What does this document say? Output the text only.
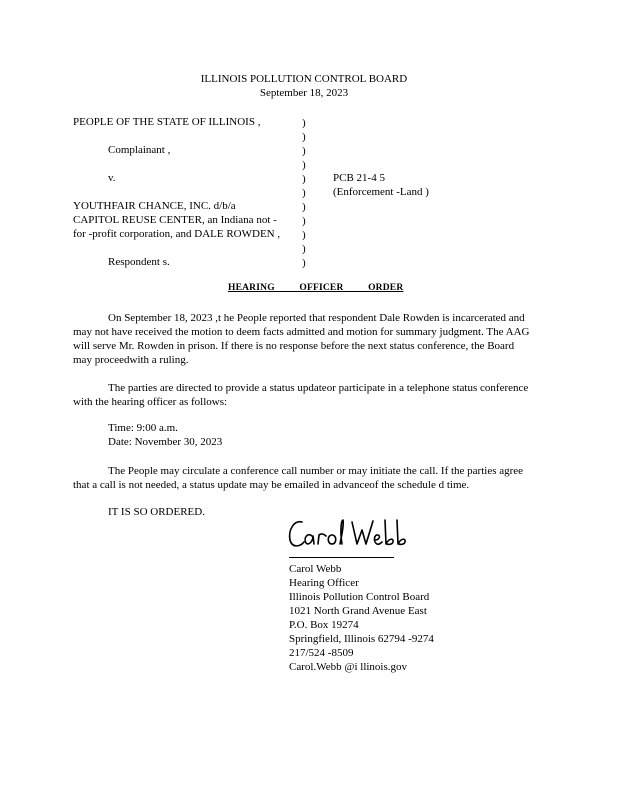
ILLINOIS POLLUTION CONTROL BOARD
September 18, 2023
PEOPLE OF THE STATE OF ILLINOIS ,
Complainant ,
v.
YOUTHFAIR CHANCE, INC. d/b/a
CAPITOL REUSE CENTER, an Indiana not -
for -profit corporation, and DALE ROWDEN ,
Respondent s.
)
)
)
)
)
)
)
)
)
)
)
PCB 21-4 5
(Enforcement -Land )
HEARING OFFICER ORDER
On September 18, 2023 ,t he People reported that respondent Dale Rowden is incarcerated and may not have received the motion to deem facts admitted and motion for summary judgment. The AAG will serve Mr. Rowden in prison. If there is no response before the next status conference, the Board may proceedwith a ruling.
The parties are directed to provide a status updateor participate in a telephone status conference with the hearing officer as follows:
Time: 9:00 a.m.
Date: November 30, 2023
The People may circulate a conference call number or may initiate the call. If the parties agree that a call is not needed, a status update may be emailed in advanceof the schedule d time.
IT IS SO ORDERED.
Carol Webb
Hearing Officer
Illinois Pollution Control Board
1021 North Grand Avenue East
P.O. Box 19274
Springfield, Illinois 62794 -9274
217/524 -8509
Carol.Webb @i llinois.gov
